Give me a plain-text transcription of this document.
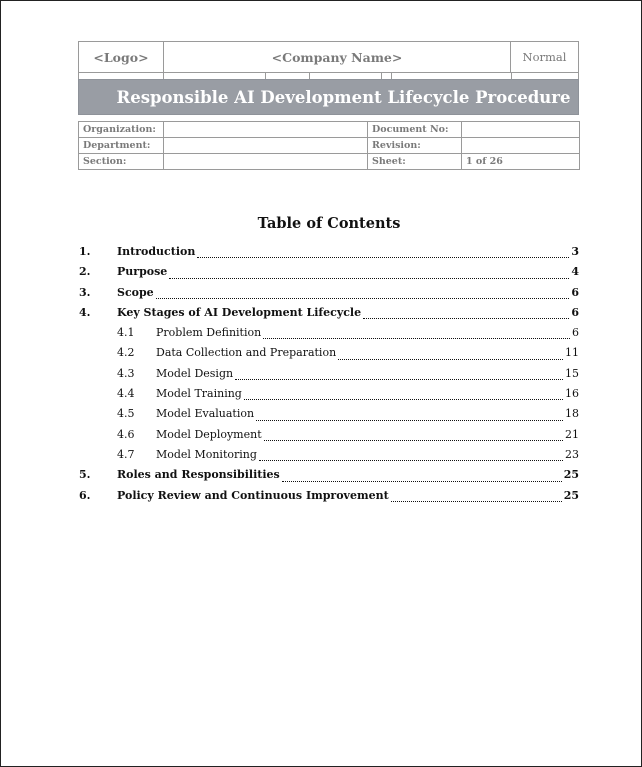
<Logo>	<Company Name>	Normal
Responsible AI Development Lifecycle Procedure
Organization:		Document No:	
Department:		Revision:	
Section:		Sheet:	1 of 26
Table of Contents
1. Introduction	3
2. Purpose	4
3. Scope	6
4. Key Stages of AI Development Lifecycle	6
4.1 Problem Definition	6
4.2 Data Collection and Preparation	11
4.3 Model Design	15
4.4 Model Training	16
4.5 Model Evaluation	18
4.6 Model Deployment	21
4.7 Model Monitoring	23
5. Roles and Responsibilities	25
6. Policy Review and Continuous Improvement	25
